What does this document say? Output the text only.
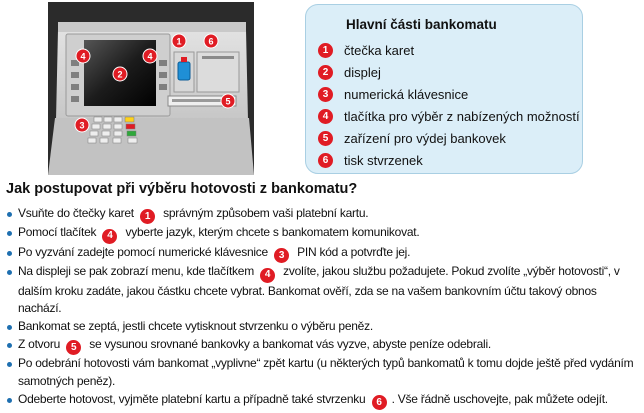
1	6
4	4
2
5
3
Hlavní části bankomatu
1	čtečka karet
2	displej
3	numerická klávesnice
4	tlačítka pro výběr z nabízených možností
5	zařízení pro výdej bankovek
6	tisk stvrzenek
Jak postupovat při výběru hotovosti z bankomatu?
Vsuňte do čtečky karet 1 správným způsobem vaši platební kartu.
Pomocí tlačítek 4 vyberte jazyk, kterým chcete s bankomatem komunikovat.
Po vyzvání zadejte pomocí numerické klávesnice 3 PIN kód a potvrďte jej.
Na displeji se pak zobrazí menu, kde tlačítkem 4 zvolíte, jakou službu požadujete. Pokud zvolíte „výběr hotovosti“, v dalším kroku zadáte, jakou částku chcete vybrat. Bankomat ověří, zda se na vašem bankovním účtu takový obnos nachází.
Bankomat se zeptá, jestli chcete vytisknout stvrzenku o výběru peněz.
Z otvoru 5 se vysunou srovnané bankovky a bankomat vás vyzve, abyste peníze odebrali.
Po odebrání hotovosti vám bankomat „vyplivne“ zpět kartu (u některých typů bankomatů k tomu dojde ještě před vydáním samotných peněz).
Odeberte hotovost, vyjměte platební kartu a případně také stvrzenku 6 . Vše řádně uschovejte, pak můžete odejít.
